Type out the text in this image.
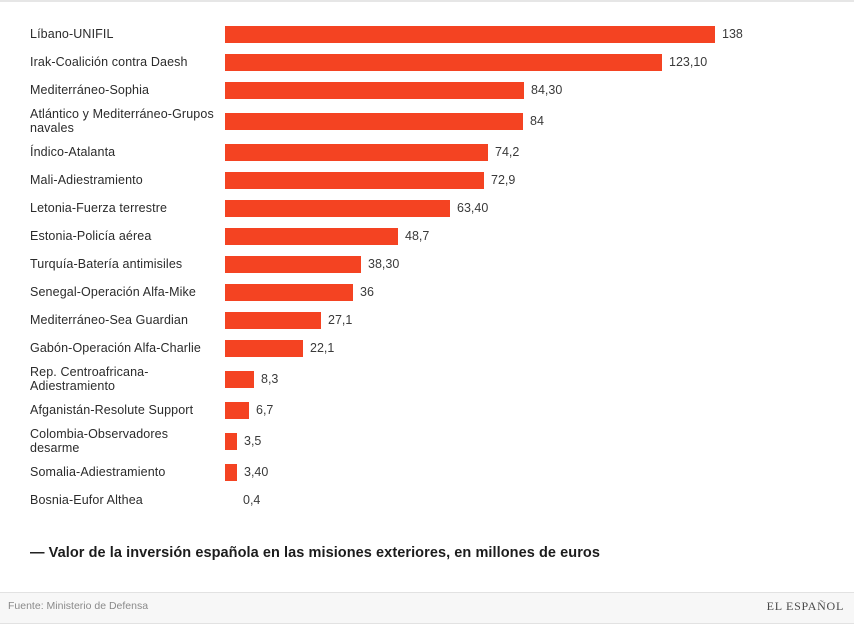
Líbano-UNIFIL	138
Irak-Coalición contra Daesh	123,10
Mediterráneo-Sophia	84,30
Atlántico y Mediterráneo-Grupos navales	84
Índico-Atalanta	74,2
Mali-Adiestramiento	72,9
Letonia-Fuerza terrestre	63,40
Estonia-Policía aérea	48,7
Turquía-Batería antimisiles	38,30
Senegal-Operación Alfa-Mike	36
Mediterráneo-Sea Guardian	27,1
Gabón-Operación Alfa-Charlie	22,1
Rep. Centroafricana-Adiestramiento	8,3
Afganistán-Resolute Support	6,7
Colombia-Observadores desarme	3,5
Somalia-Adiestramiento	3,40
Bosnia-Eufor Althea	0,4
— Valor de la inversión española en las misiones exteriores, en millones de euros
Fuente: Ministerio de Defensa	EL ESPAÑOL
